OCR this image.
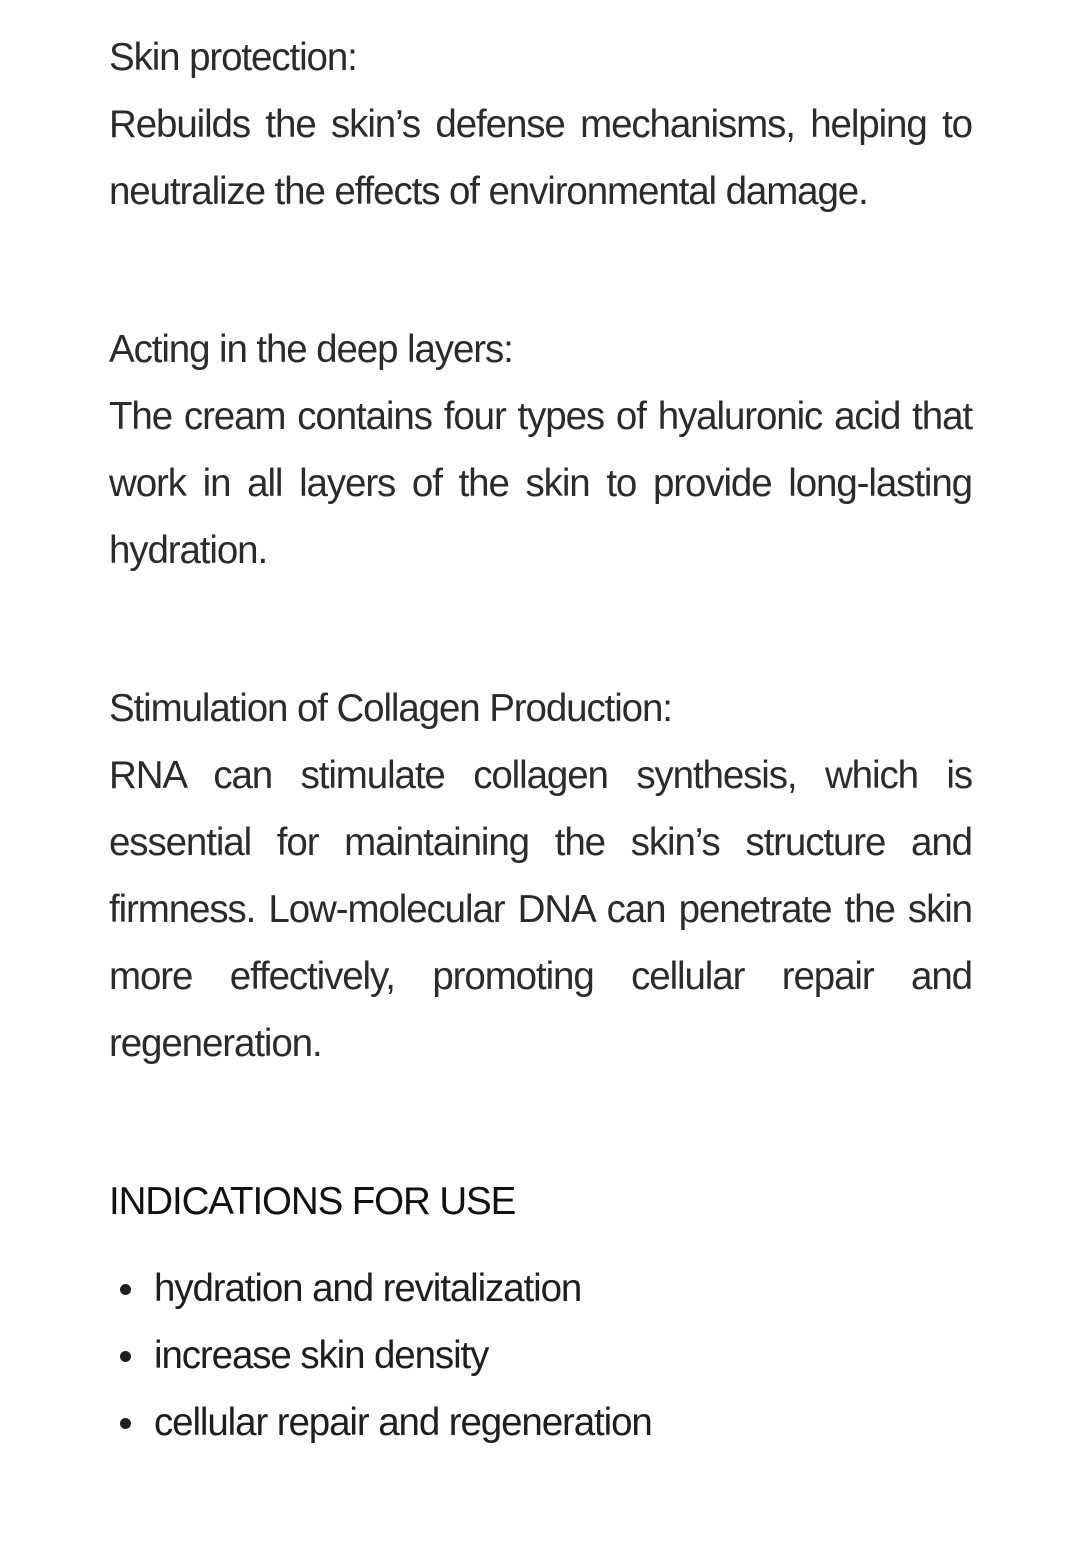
Skin protection:
Rebuilds the skin’s defense mechanisms, helping to neutralize the effects of environmental damage.
Acting in the deep layers:
The cream contains four types of hyaluronic acid that work in all layers of the skin to provide long-lasting hydration.
Stimulation of Collagen Production:
RNA can stimulate collagen synthesis, which is essential for maintaining the skin’s structure and firmness. Low-molecular DNA can penetrate the skin more effectively, promoting cellular repair and regeneration.
INDICATIONS FOR USE
hydration and revitalization
increase skin density
cellular repair and regeneration
